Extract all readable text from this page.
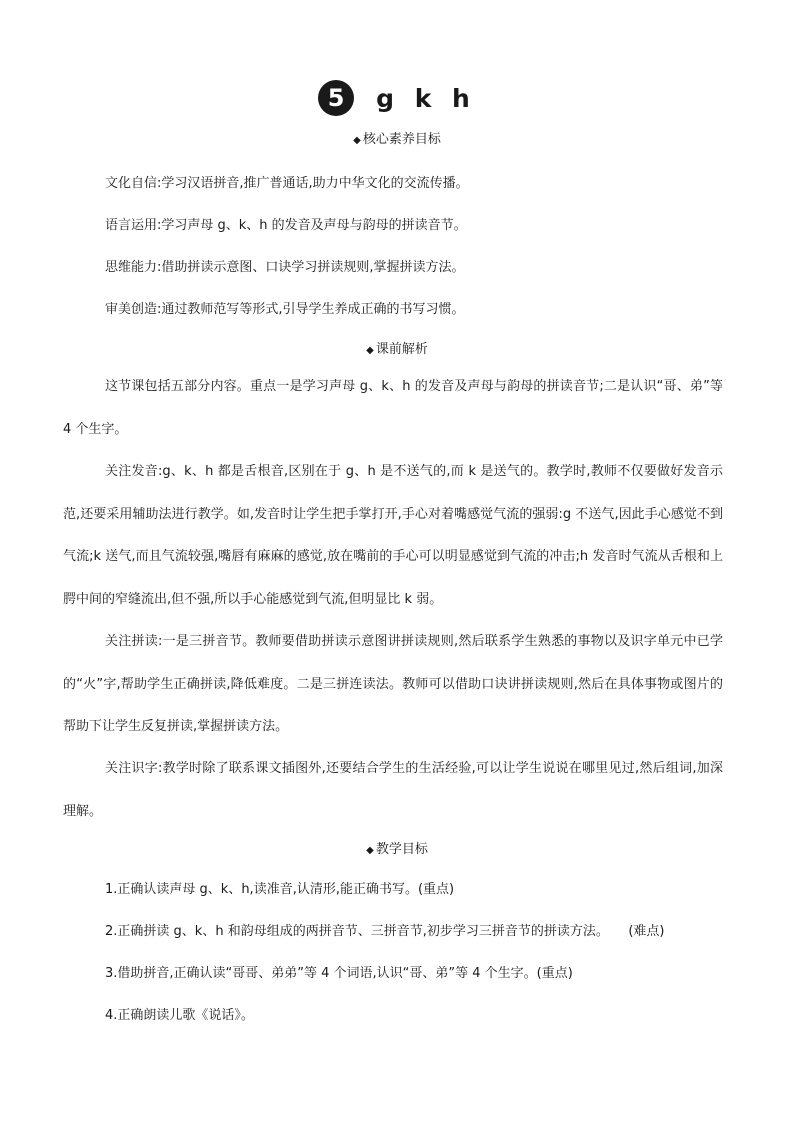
5	g k h
◆ 核心素养目标
文化自信:学习汉语拼音,推广普通话,助力中华文化的交流传播。
语言运用:学习声母 g、k、h 的发音及声母与韵母的拼读音节。
思维能力:借助拼读示意图、口诀学习拼读规则,掌握拼读方法。
审美创造:通过教师范写等形式,引导学生养成正确的书写习惯。
◆ 课前解析

这节课包括五部分内容。重点一是学习声母 g、k、h 的发音及声母与韵母的拼读音节;二是认识“哥、弟”等 4 个生字。

关注发音:g、k、h 都是舌根音,区别在于 g、h 是不送气的,而 k 是送气的。教学时,教师不仅要做好发音示范,还要采用辅助法进行教学。如,发音时让学生把手掌打开,手心对着嘴感觉气流的强弱:g 不送气,因此手心感觉不到气流;k 送气,而且气流较强,嘴唇有麻麻的感觉,放在嘴前的手心可以明显感觉到气流的冲击;h 发音时气流从舌根和上腭中间的窄缝流出,但不强,所以手心能感觉到气流,但明显比 k 弱。

关注拼读:一是三拼音节。教师要借助拼读示意图讲拼读规则,然后联系学生熟悉的事物以及识字单元中已学的“火”字,帮助学生正确拼读,降低难度。二是三拼连读法。教师可以借助口诀讲拼读规则,然后在具体事物或图片的帮助下让学生反复拼读,掌握拼读方法。

关注识字:教学时除了联系课文插图外,还要结合学生的生活经验,可以让学生说说在哪里见过,然后组词,加深理解。

◆ 教学目标
1.正确认读声母 g、k、h,读准音,认清形,能正确书写。(重点)
2.正确拼读 g、k、h 和韵母组成的两拼音节、三拼音节,初步学习三拼音节的拼读方法。　　(难点)
3.借助拼音,正确认读“哥哥、弟弟”等 4 个词语,认识“哥、弟”等 4 个生字。(重点)
4.正确朗读儿歌《说话》。
